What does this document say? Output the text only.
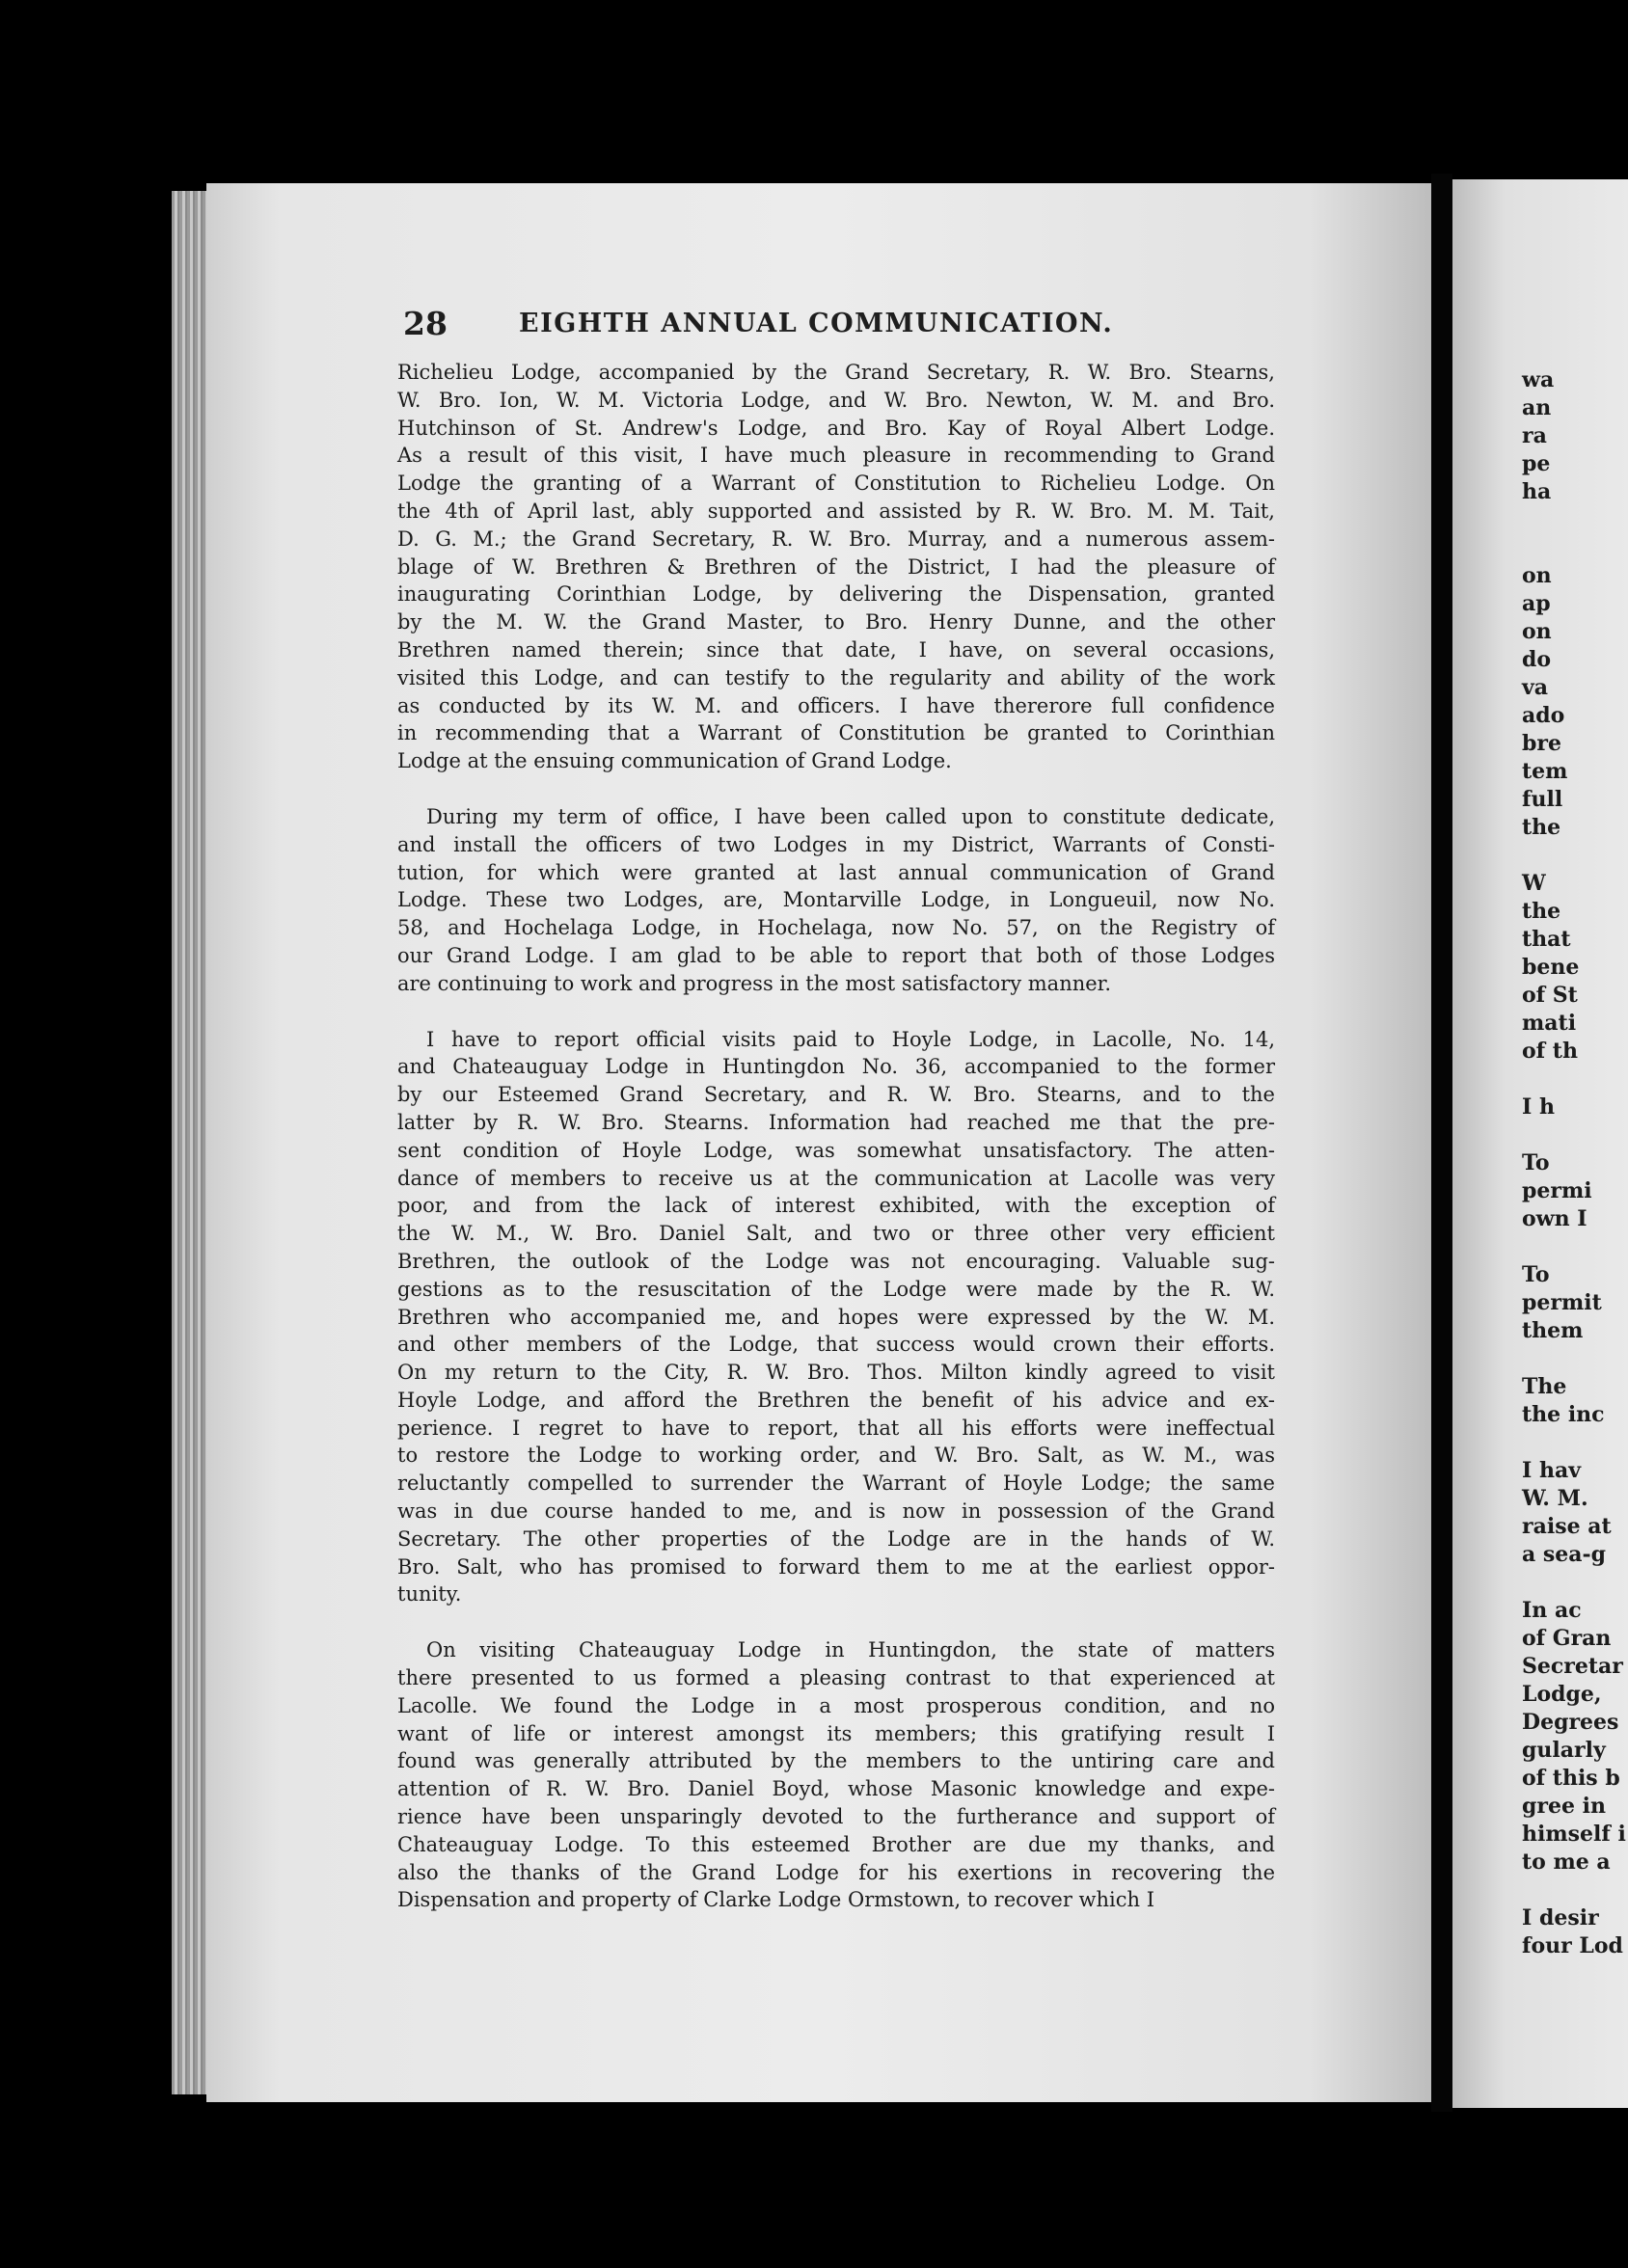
28	EIGHTH ANNUAL COMMUNICATION.
Richelieu Lodge, accompanied by the Grand Secretary, R. W. Bro. Stearns,
W. Bro. Ion, W. M. Victoria Lodge, and W. Bro. Newton, W. M. and Bro.
Hutchinson of St. Andrew's Lodge, and Bro. Kay of Royal Albert Lodge.
As a result of this visit, I have much pleasure in recommending to Grand
Lodge the granting of a Warrant of Constitution to Richelieu Lodge. On
the 4th of April last, ably supported and assisted by R. W. Bro. M. M. Tait,
D. G. M.; the Grand Secretary, R. W. Bro. Murray, and a numerous assem-
blage of W. Brethren & Brethren of the District, I had the pleasure of
inaugurating Corinthian Lodge, by delivering the Dispensation, granted
by the M. W. the Grand Master, to Bro. Henry Dunne, and the other
Brethren named therein; since that date, I have, on several occasions,
visited this Lodge, and can testify to the regularity and ability of the work
as conducted by its W. M. and officers. I have thererore full confidence
in recommending that a Warrant of Constitution be granted to Corinthian
Lodge at the ensuing communication of Grand Lodge.
During my term of office, I have been called upon to constitute dedicate,
and install the officers of two Lodges in my District, Warrants of Consti-
tution, for which were granted at last annual communication of Grand
Lodge. These two Lodges, are, Montarville Lodge, in Longueuil, now No.
58, and Hochelaga Lodge, in Hochelaga, now No. 57, on the Registry of
our Grand Lodge. I am glad to be able to report that both of those Lodges
are continuing to work and progress in the most satisfactory manner.
I have to report official visits paid to Hoyle Lodge, in Lacolle, No. 14,
and Chateauguay Lodge in Huntingdon No. 36, accompanied to the former
by our Esteemed Grand Secretary, and R. W. Bro. Stearns, and to the
latter by R. W. Bro. Stearns. Information had reached me that the pre-
sent condition of Hoyle Lodge, was somewhat unsatisfactory. The atten-
dance of members to receive us at the communication at Lacolle was very
poor, and from the lack of interest exhibited, with the exception of
the W. M., W. Bro. Daniel Salt, and two or three other very efficient
Brethren, the outlook of the Lodge was not encouraging. Valuable sug-
gestions as to the resuscitation of the Lodge were made by the R. W.
Brethren who accompanied me, and hopes were expressed by the W. M.
and other members of the Lodge, that success would crown their efforts.
On my return to the City, R. W. Bro. Thos. Milton kindly agreed to visit
Hoyle Lodge, and afford the Brethren the benefit of his advice and ex-
perience. I regret to have to report, that all his efforts were ineffectual
to restore the Lodge to working order, and W. Bro. Salt, as W. M., was
reluctantly compelled to surrender the Warrant of Hoyle Lodge; the same
was in due course handed to me, and is now in possession of the Grand
Secretary. The other properties of the Lodge are in the hands of W.
Bro. Salt, who has promised to forward them to me at the earliest oppor-
tunity.
On visiting Chateauguay Lodge in Huntingdon, the state of matters
there presented to us formed a pleasing contrast to that experienced at
Lacolle. We found the Lodge in a most prosperous condition, and no
want of life or interest amongst its members; this gratifying result I
found was generally attributed by the members to the untiring care and
attention of R. W. Bro. Daniel Boyd, whose Masonic knowledge and expe-
rience have been unsparingly devoted to the furtherance and support of
Chateauguay Lodge. To this esteemed Brother are due my thanks, and
also the thanks of the Grand Lodge for his exertions in recovering the
Dispensation and property of Clarke Lodge Ormstown, to recover which I
wa
an
ra
pe
ha
on
ap
on
do
va
ado
bre
tem
full
the
W
the
that
bene
of St
mati
of th
I h
To
permi
own I
To
permit
them
The
the inc
I hav
W. M.
raise at
a sea-g
In ac
of Gran
Secretar
Lodge,
Degrees
gularly
of this b
gree in
himself i
to me a
I desir
four Lod
